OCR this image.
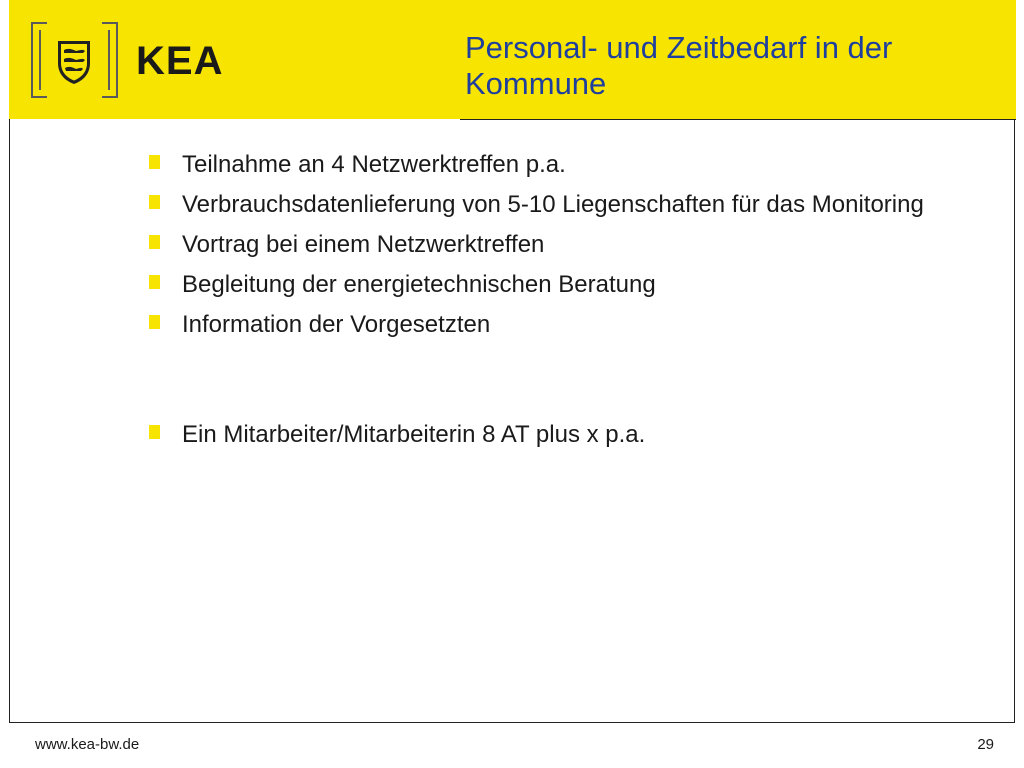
KEA	Personal- und Zeitbedarf in der Kommune
Teilnahme an 4 Netzwerktreffen p.a.
Verbrauchsdatenlieferung von 5-10 Liegenschaften für das Monitoring
Vortrag bei einem Netzwerktreffen
Begleitung der energietechnischen Beratung
Information der Vorgesetzten
Ein Mitarbeiter/Mitarbeiterin 8 AT plus x p.a.
www.kea-bw.de	29
